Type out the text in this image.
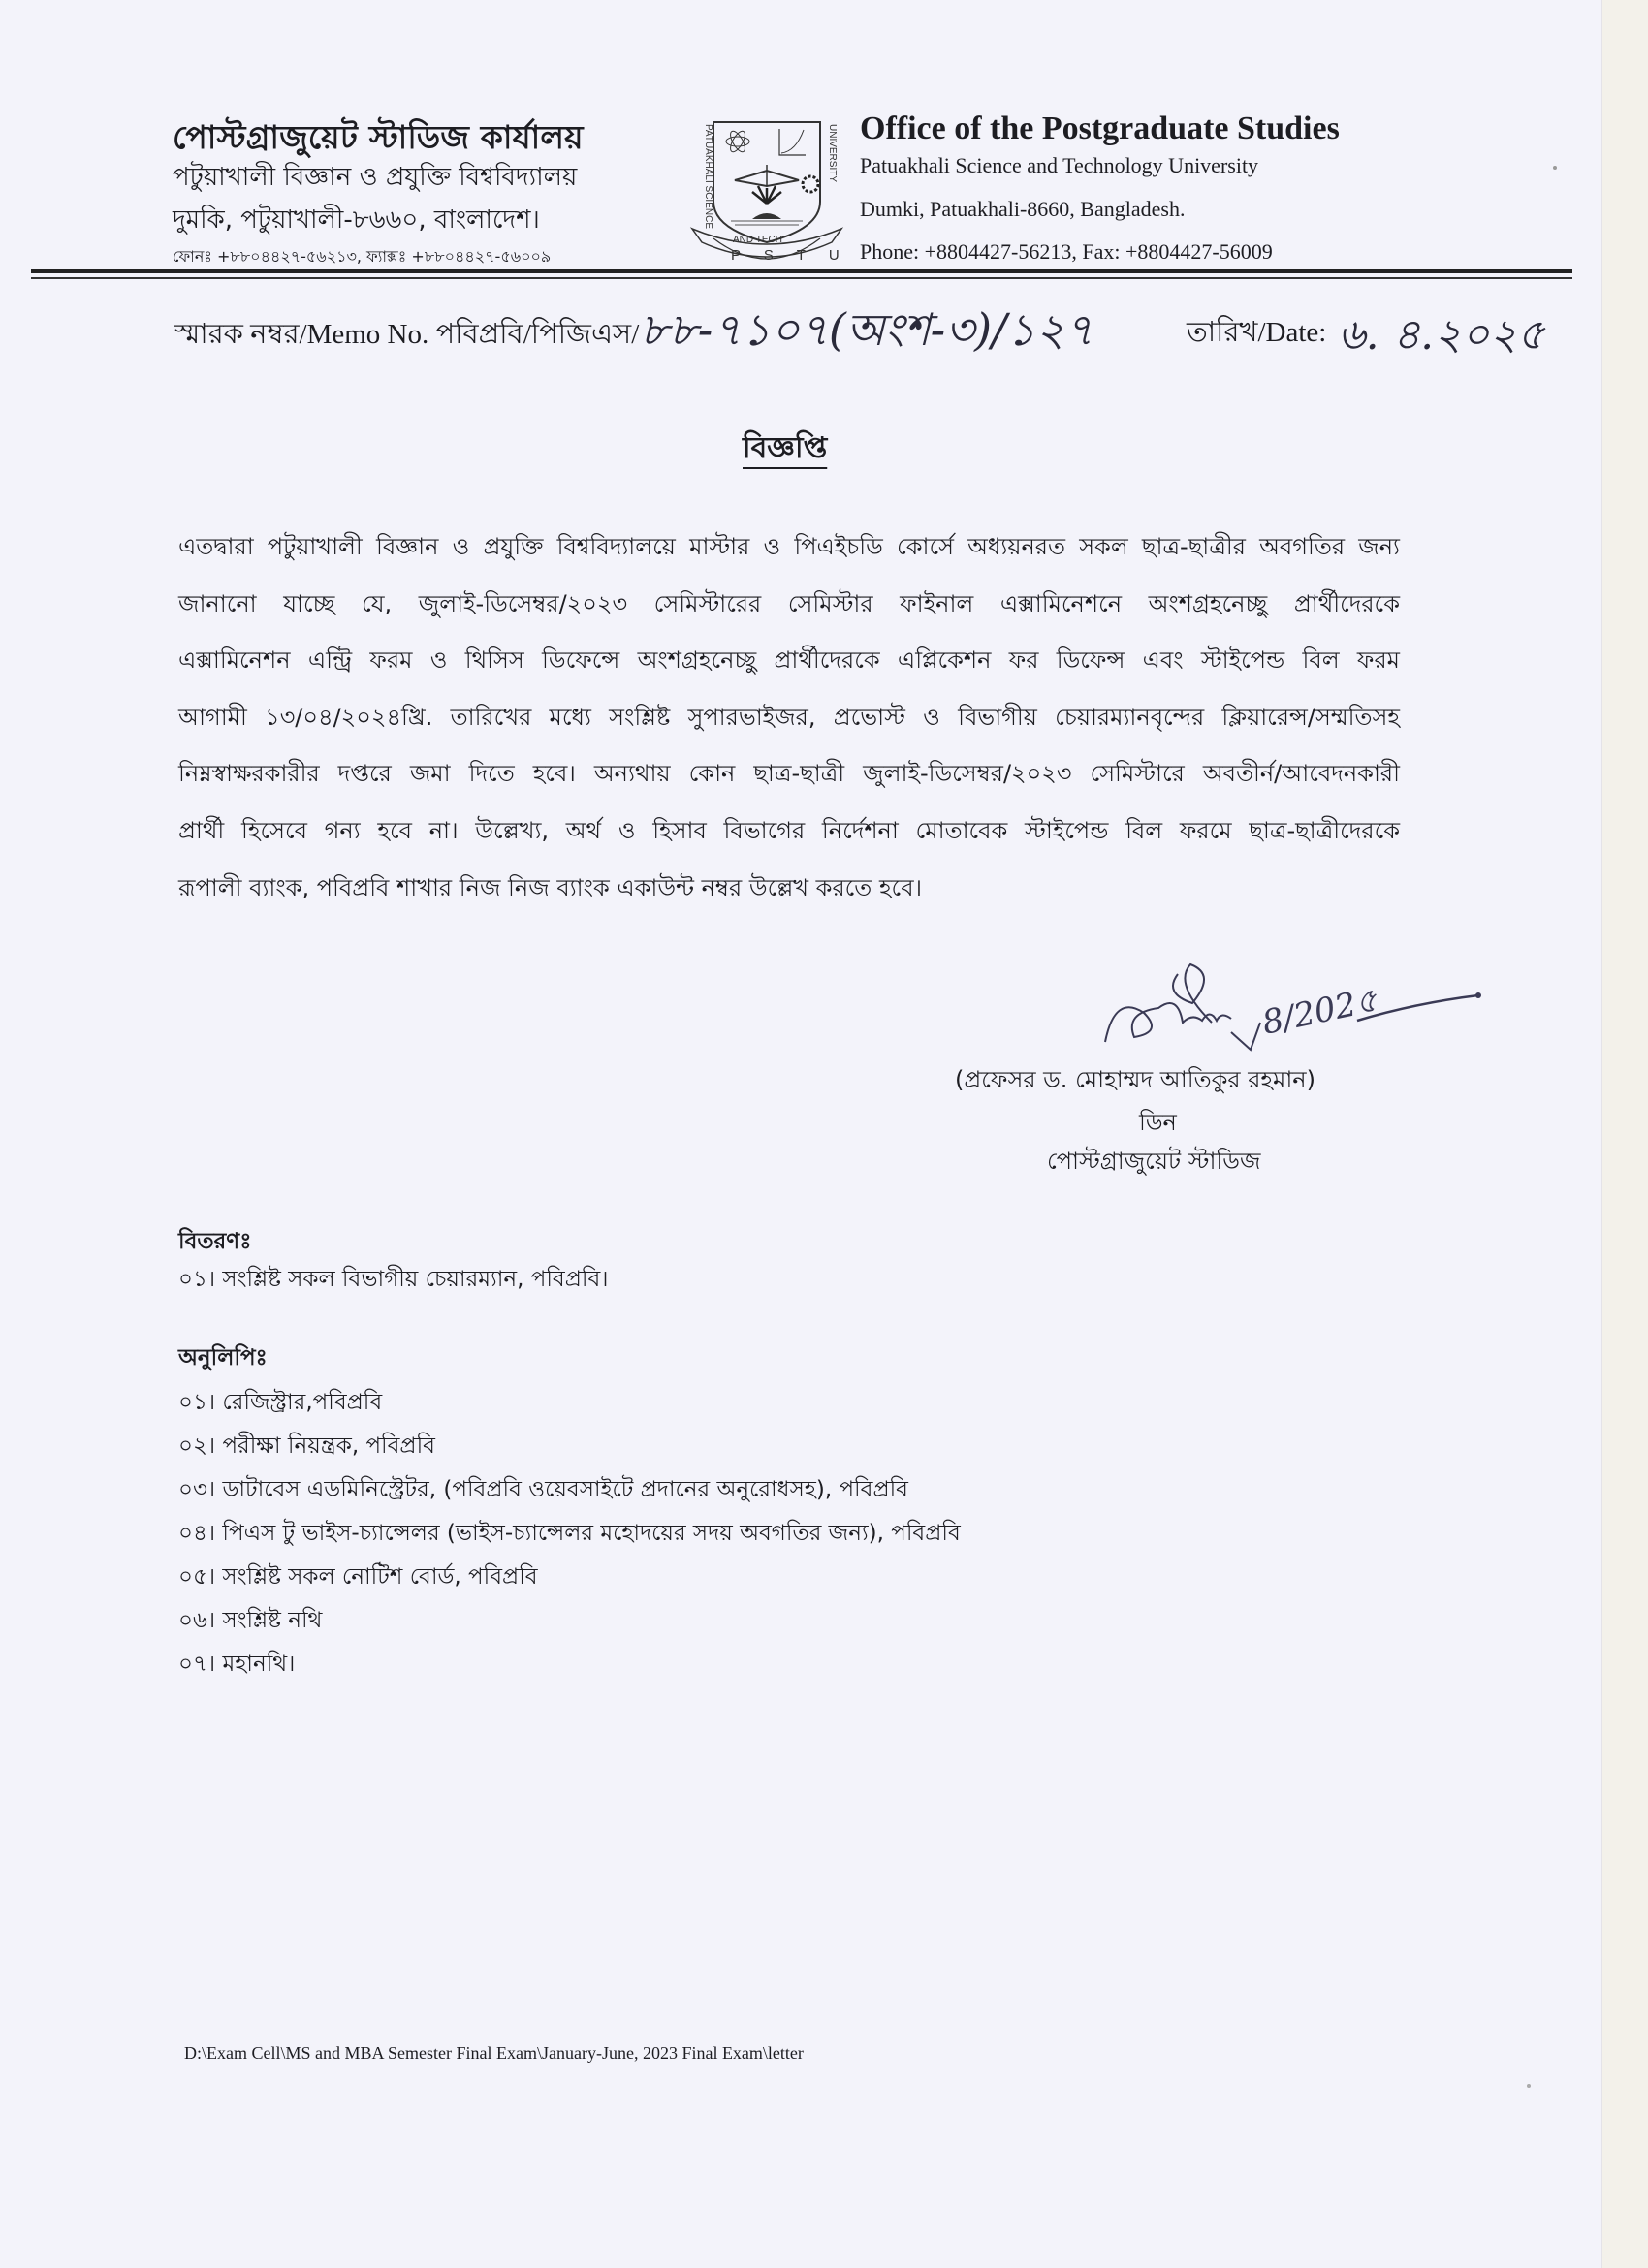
পোস্টগ্রাজুয়েট স্টাডিজ কার্যালয়
পটুয়াখালী বিজ্ঞান ও প্রযুক্তি বিশ্ববিদ্যালয়
দুমকি, পটুয়াখালী-৮৬৬০, বাংলাদেশ।
ফোনঃ +৮৮০৪৪২৭-৫৬২১৩, ফ্যাক্সঃ +৮৮০৪৪২৭-৫৬০০৯
PATUAKHALI SCIENCE	UNIVERSITY
AND TECH
P S T U
Office of the Postgraduate Studies
Patuakhali Science and Technology University
Dumki, Patuakhali-8660, Bangladesh.
Phone: +8804427-56213, Fax: +8804427-56009
স্মারক নম্বর/Memo No. পবিপ্রবি/পিজিএস/ ৮৮-৭১০৭(অংশ-৩)/১২৭	তারিখ/Date: ৬. ৪.২০২৫
বিজ্ঞপ্তি
এতদ্বারা পটুয়াখালী বিজ্ঞান ও প্রযুক্তি বিশ্ববিদ্যালয়ে মাস্টার ও পিএইচডি কোর্সে অধ্যয়নরত সকল ছাত্র-ছাত্রীর অবগতির জন্য
জানানো যাচ্ছে যে, জুলাই-ডিসেম্বর/২০২৩ সেমিস্টারের সেমিস্টার ফাইনাল এক্সামিনেশনে অংশগ্রহনেচ্ছু প্রার্থীদেরকে
এক্সামিনেশন এন্ট্রি ফরম ও থিসিস ডিফেন্সে অংশগ্রহনেচ্ছু প্রার্থীদেরকে এপ্লিকেশন ফর ডিফেন্স এবং স্টাইপেন্ড বিল ফরম
আগামী ১৩/০৪/২০২৪খ্রি. তারিখের মধ্যে সংশ্লিষ্ট সুপারভাইজর, প্রভোস্ট ও বিভাগীয় চেয়ারম্যানবৃন্দের ক্লিয়ারেন্স/সম্মতিসহ
নিম্নস্বাক্ষরকারীর দপ্তরে জমা দিতে হবে। অন্যথায় কোন ছাত্র-ছাত্রী জুলাই-ডিসেম্বর/২০২৩ সেমিস্টারে অবতীর্ন/আবেদনকারী
প্রার্থী হিসেবে গন্য হবে না। উল্লেখ্য, অর্থ ও হিসাব বিভাগের নির্দেশনা মোতাবেক স্টাইপেন্ড বিল ফরমে ছাত্র-ছাত্রীদেরকে
রূপালী ব্যাংক, পবিপ্রবি শাখার নিজ নিজ ব্যাংক একাউন্ট নম্বর উল্লেখ করতে হবে।
8/202৫
(প্রফেসর ড. মোহাম্মদ আতিকুর রহমান)
ডিন
পোস্টগ্রাজুয়েট স্টাডিজ
বিতরণঃ
০১। সংশ্লিষ্ট সকল বিভাগীয় চেয়ারম্যান, পবিপ্রবি।
অনুলিপিঃ
০১। রেজিস্ট্রার,পবিপ্রবি
০২। পরীক্ষা নিয়ন্ত্রক, পবিপ্রবি
০৩। ডাটাবেস এডমিনিস্ট্রেটর, (পবিপ্রবি ওয়েবসাইটে প্রদানের অনুরোধসহ), পবিপ্রবি
০৪। পিএস টু ভাইস-চ্যান্সেলর (ভাইস-চ্যান্সেলর মহোদয়ের সদয় অবগতির জন্য), পবিপ্রবি
০৫। সংশ্লিষ্ট সকল নোটিশ বোর্ড, পবিপ্রবি
০৬। সংশ্লিষ্ট নথি
০৭। মহানথি।
D:\Exam Cell\MS and MBA Semester Final Exam\January-June, 2023 Final Exam\letter
